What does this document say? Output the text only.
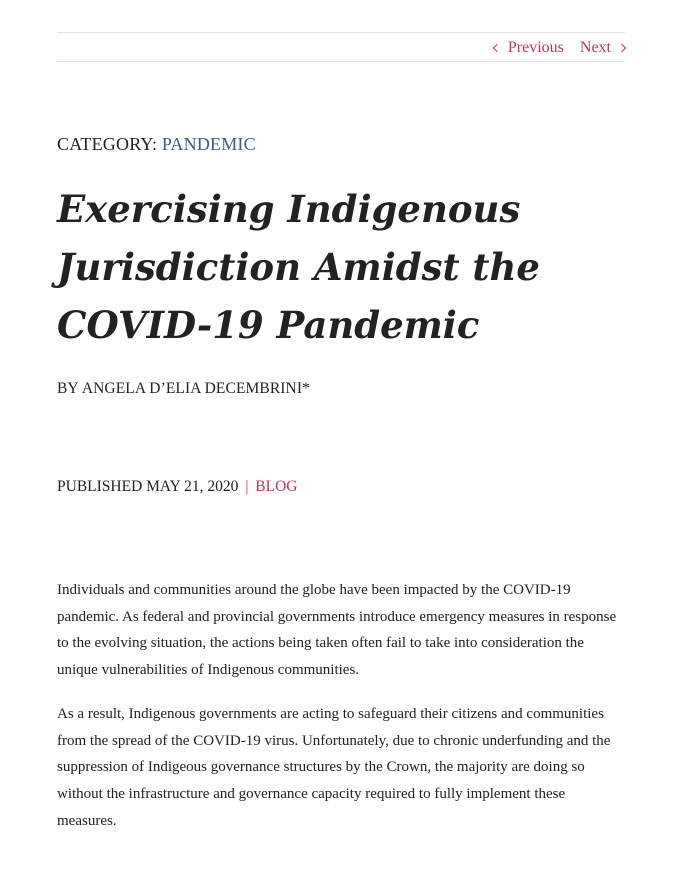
Previous Next
CATEGORY: PANDEMIC
Exercising Indigenous Jurisdiction Amidst the COVID-19 Pandemic
BY ANGELA D’ELIA DECEMBRINI*
PUBLISHED MAY 21, 2020 | BLOG

Individuals and communities around the globe have been impacted by the COVID-19 pandemic. As federal and provincial governments introduce emergency measures in response to the evolving situation, the actions being taken often fail to take into consideration the unique vulnerabilities of Indigenous communities.

As a result, Indigenous governments are acting to safeguard their citizens and communities from the spread of the COVID-19 virus. Unfortunately, due to chronic underfunding and the suppression of Indigeous governance structures by the Crown, the majority are doing so without the infrastructure and governance capacity required to fully implement these measures.
